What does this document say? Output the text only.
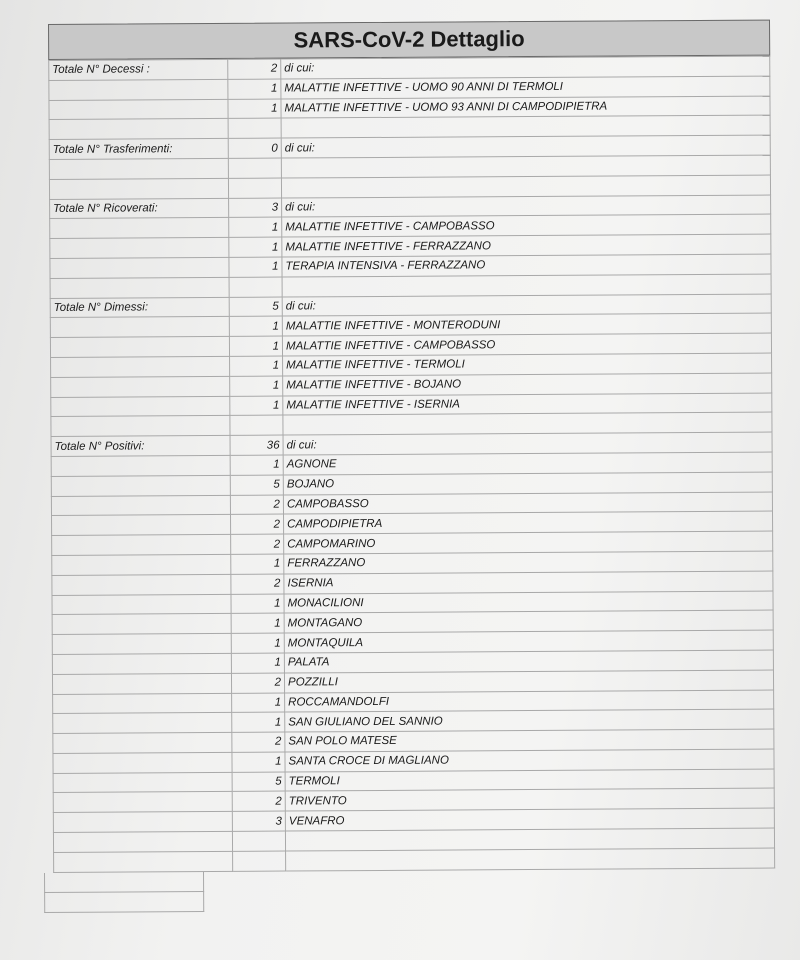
SARS-CoV-2 Dettaglio
Totale N° Decessi :	2	di cui:
	1	MALATTIE INFETTIVE - UOMO 90 ANNI DI TERMOLI
	1	MALATTIE INFETTIVE - UOMO 93 ANNI DI CAMPODIPIETRA

Totale N° Trasferimenti:	0	di cui:

Totale N° Ricoverati:	3	di cui:
	1	MALATTIE INFETTIVE - CAMPOBASSO
	1	MALATTIE INFETTIVE - FERRAZZANO
	1	TERAPIA INTENSIVA - FERRAZZANO

Totale N° Dimessi:	5	di cui:
	1	MALATTIE INFETTIVE - MONTERODUNI
	1	MALATTIE INFETTIVE - CAMPOBASSO
	1	MALATTIE INFETTIVE - TERMOLI
	1	MALATTIE INFETTIVE - BOJANO
	1	MALATTIE INFETTIVE - ISERNIA

Totale N° Positivi:	36	di cui:
	1	AGNONE
	5	BOJANO
	2	CAMPOBASSO
	2	CAMPODIPIETRA
	2	CAMPOMARINO
	1	FERRAZZANO
	2	ISERNIA
	1	MONACILIONI
	1	MONTAGANO
	1	MONTAQUILA
	1	PALATA
	2	POZZILLI
	1	ROCCAMANDOLFI
	1	SAN GIULIANO DEL SANNIO
	2	SAN POLO MATESE
	1	SANTA CROCE DI MAGLIANO
	5	TERMOLI
	2	TRIVENTO
	3	VENAFRO
